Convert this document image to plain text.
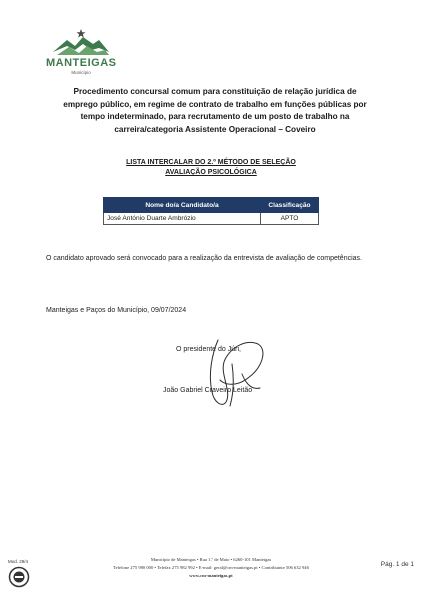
MANTEIGAS
Município
Procedimento concursal comum para constituição de relação jurídica de
emprego público, em regime de contrato de trabalho em funções públicas por
tempo indeterminado, para recrutamento de um posto de trabalho na
carreira/categoria Assistente Operacional – Coveiro
LISTA INTERCALAR DO 2.º MÉTODO DE SELEÇÃO
AVALIAÇÃO PSICOLÓGICA
Nome do/a Candidato/a	Classificação
José António Duarte Ambrózio	APTO
O candidato aprovado será convocado para a realização da entrevista de avaliação de competências.
Manteigas e Paços do Município, 09/07/2024
O presidente do Júri,
João Gabriel Craveiro Leitão
Mod. 29/4	Município de Manteigas • Rua 1.º de Maio • 6260-101 Manteigas
Telefone 275 980 000 • Telefax 275 982 992 • E-mail: geral@cm-manteigas.pt • Contribuinte 506 632 946
www.cm-manteigas.pt
Pág. 1 de 1
